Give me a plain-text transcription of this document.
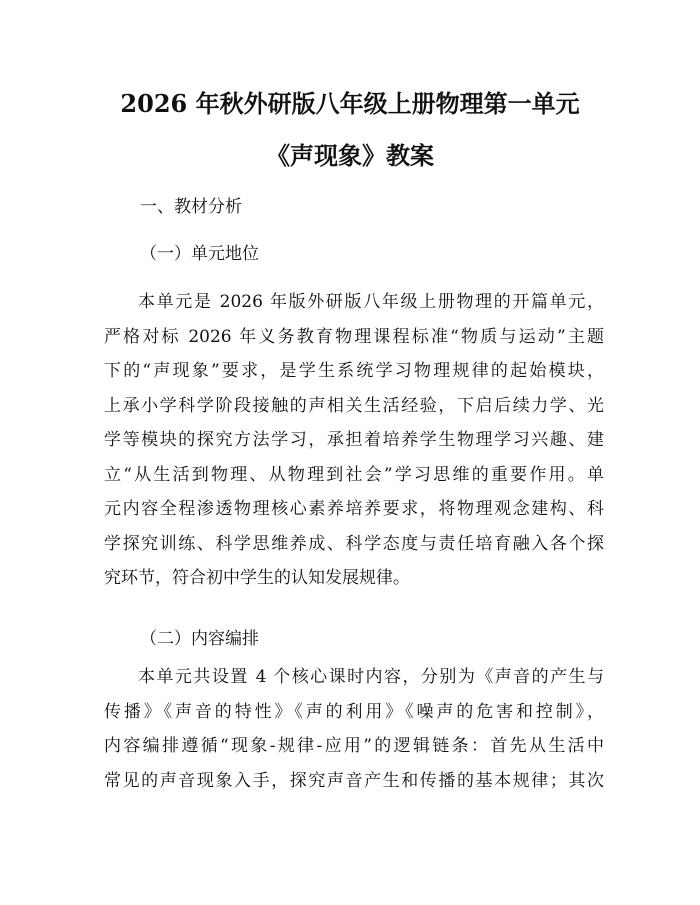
2026 年秋外研版八年级上册物理第一单元
《声现象》教案
一、教材分析
（一）单元地位
本单元是 2026 年版外研版八年级上册物理的开篇单元，
严格对标 2026 年义务教育物理课程标准“物质与运动”主题
下的“声现象”要求，是学生系统学习物理规律的起始模块，
上承小学科学阶段接触的声相关生活经验，下启后续力学、光
学等模块的探究方法学习，承担着培养学生物理学习兴趣、建
立“从生活到物理、从物理到社会”学习思维的重要作用。单
元内容全程渗透物理核心素养培养要求，将物理观念建构、科
学探究训练、科学思维养成、科学态度与责任培育融入各个探
究环节，符合初中学生的认知发展规律。
（二）内容编排
本单元共设置 4 个核心课时内容，分别为《声音的产生与
传播》《声音的特性》《声的利用》《噪声的危害和控制》，
内容编排遵循“现象-规律-应用”的逻辑链条：首先从生活中
常见的声音现象入手，探究声音产生和传播的基本规律；其次
